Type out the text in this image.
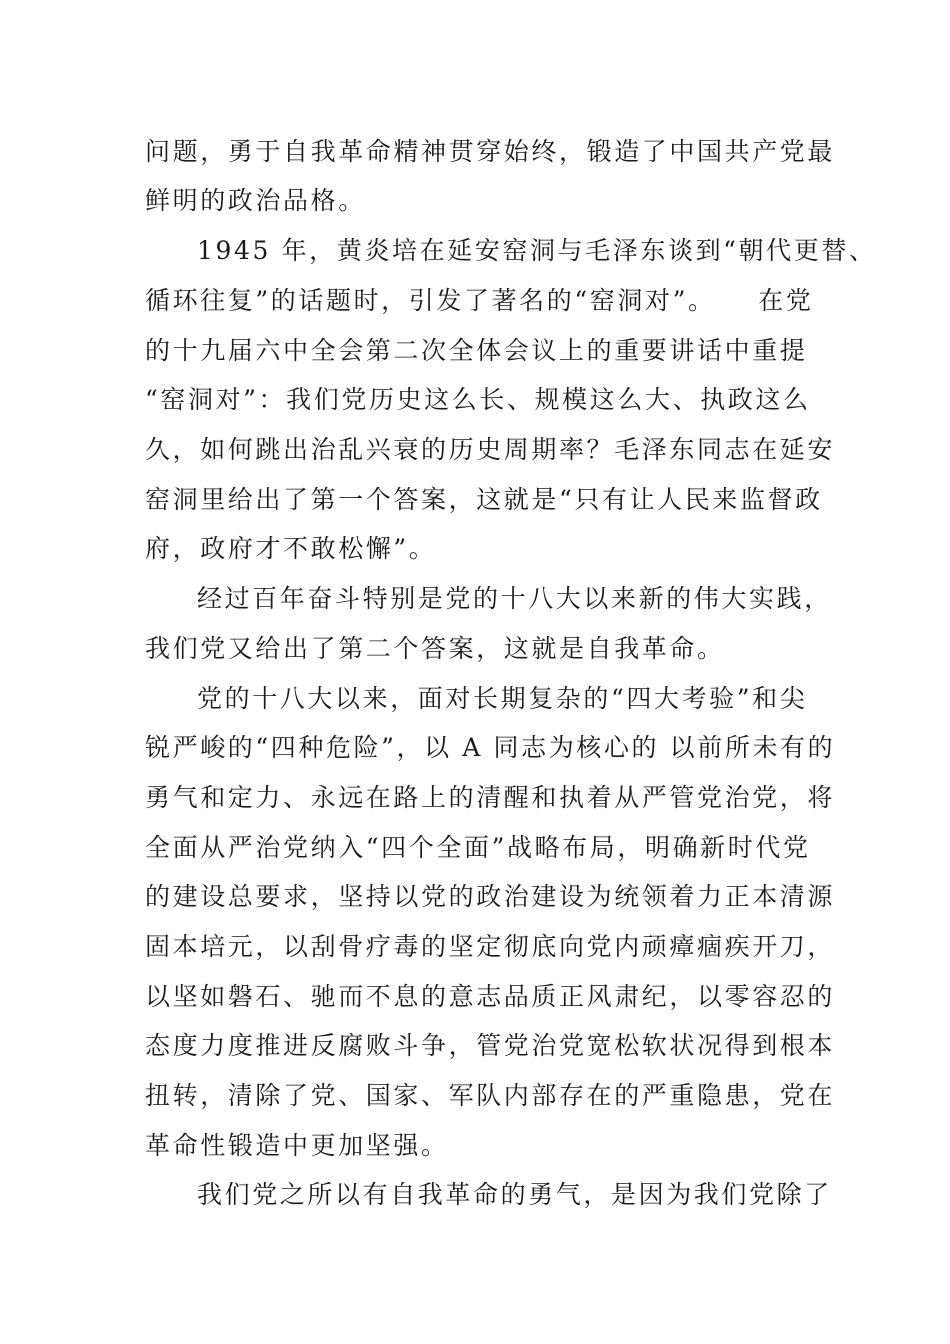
问题，勇于自我革命精神贯穿始终，锻造了中国共产党最
鲜明的政治品格。
1945 年，黄炎培在延安窑洞与毛泽东谈到“朝代更替、
循环往复”的话题时，引发了著名的“窑洞对”。　　在党
的十九届六中全会第二次全体会议上的重要讲话中重提
“窑洞对”：我们党历史这么长、规模这么大、执政这么
久，如何跳出治乱兴衰的历史周期率？毛泽东同志在延安
窑洞里给出了第一个答案，这就是“只有让人民来监督政
府，政府才不敢松懈”。
经过百年奋斗特别是党的十八大以来新的伟大实践，
我们党又给出了第二个答案，这就是自我革命。
党的十八大以来，面对长期复杂的“四大考验”和尖
锐严峻的“四种危险”，以 A 同志为核心的 以前所未有的
勇气和定力、永远在路上的清醒和执着从严管党治党，将
全面从严治党纳入“四个全面”战略布局，明确新时代党
的建设总要求，坚持以党的政治建设为统领着力正本清源
固本培元，以刮骨疗毒的坚定彻底向党内顽瘴痼疾开刀，
以坚如磐石、驰而不息的意志品质正风肃纪，以零容忍的
态度力度推进反腐败斗争，管党治党宽松软状况得到根本
扭转，清除了党、国家、军队内部存在的严重隐患，党在
革命性锻造中更加坚强。
我们党之所以有自我革命的勇气，是因为我们党除了
